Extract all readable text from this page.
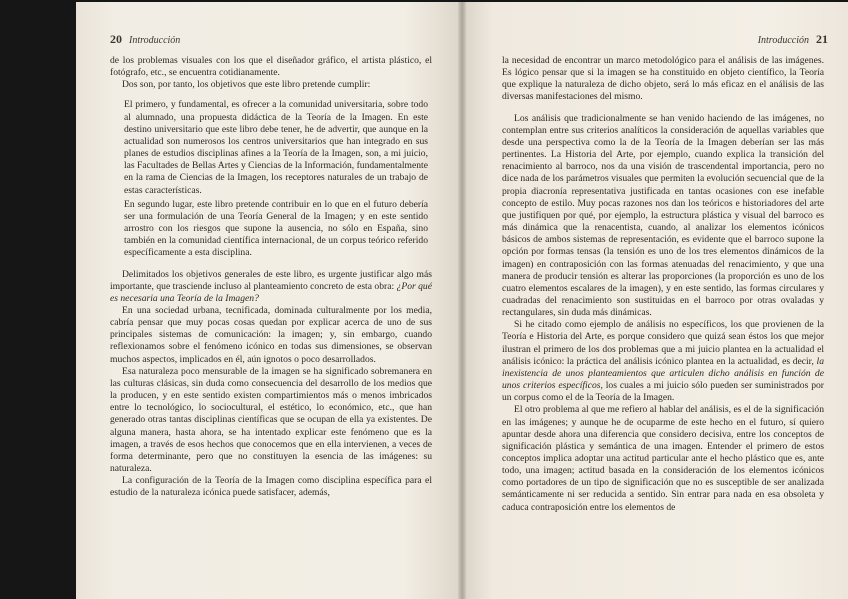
20 Introducción

de los problemas visuales con los que el diseñador gráfico, el artista plástico, el fotógrafo, etc., se encuentra cotidianamente.

Dos son, por tanto, los objetivos que este libro pretende cumplir:

El primero, y fundamental, es ofrecer a la comunidad universitaria, sobre todo al alumnado, una propuesta didáctica de la Teoría de la Imagen. En este destino universitario que este libro debe tener, he de advertir, que aunque en la actualidad son numerosos los centros universitarios que han integrado en sus planes de estudios disciplinas afines a la Teoría de la Imagen, son, a mi juicio, las Facultades de Bellas Artes y Ciencias de la Información, fundamentalmente en la rama de Ciencias de la Imagen, los receptores naturales de un trabajo de estas características.

En segundo lugar, este libro pretende contribuir en lo que en el futuro debería ser una formulación de una Teoría General de la Imagen; y en este sentido arrostro con los riesgos que supone la ausencia, no sólo en España, sino también en la comunidad científica internacional, de un corpus teórico referido específicamente a esta disciplina.

Delimitados los objetivos generales de este libro, es urgente justificar algo más importante, que trasciende incluso al planteamiento concreto de esta obra: ¿Por qué es necesaria una Teoría de la Imagen?

En una sociedad urbana, tecnificada, dominada culturalmente por los media, cabría pensar que muy pocas cosas quedan por explicar acerca de uno de sus principales sistemas de comunicación: la imagen; y, sin embargo, cuando reflexionamos sobre el fenómeno icónico en todas sus dimensiones, se observan muchos aspectos, implicados en él, aún ignotos o poco desarrollados.

Esa naturaleza poco mensurable de la imagen se ha significado sobremanera en las culturas clásicas, sin duda como consecuencia del desarrollo de los medios que la producen, y en este sentido existen compartimientos más o menos imbricados entre lo tecnológico, lo sociocultural, el estético, lo económico, etc., que han generado otras tantas disciplinas científicas que se ocupan de ella ya existentes. De alguna manera, hasta ahora, se ha intentado explicar este fenómeno que es la imagen, a través de esos hechos que conocemos que en ella intervienen, a veces de forma determinante, pero que no constituyen la esencia de las imágenes: su naturaleza.

La configuración de la Teoría de la Imagen como disciplina específica para el estudio de la naturaleza icónica puede satisfacer, además,

Introducción 21

la necesidad de encontrar un marco metodológico para el análisis de las imágenes. Es lógico pensar que si la imagen se ha constituido en objeto científico, la Teoría que explique la naturaleza de dicho objeto, será lo más eficaz en el análisis de las diversas manifestaciones del mismo.

Los análisis que tradicionalmente se han venido haciendo de las imágenes, no contemplan entre sus criterios analíticos la consideración de aquellas variables que desde una perspectiva como la de la Teoría de la Imagen deberían ser las más pertinentes. La Historia del Arte, por ejemplo, cuando explica la transición del renacimiento al barroco, nos da una visión de trascendental importancia, pero no dice nada de los parámetros visuales que permiten la evolución secuencial que de la propia diacronía representativa justificada en tantas ocasiones con ese inefable concepto de estilo. Muy pocas razones nos dan los teóricos e historiadores del arte que justifiquen por qué, por ejemplo, la estructura plástica y visual del barroco es más dinámica que la renacentista, cuando, al analizar los elementos icónicos básicos de ambos sistemas de representación, es evidente que el barroco supone la opción por formas tensas (la tensión es uno de los tres elementos dinámicos de la imagen) en contraposición con las formas atenuadas del renacimiento, y que una manera de producir tensión es alterar las proporciones (la proporción es uno de los cuatro elementos escalares de la imagen), y en este sentido, las formas circulares y cuadradas del renacimiento son sustituidas en el barroco por otras ovaladas y rectangulares, sin duda más dinámicas.

Si he citado como ejemplo de análisis no específicos, los que provienen de la Teoría e Historia del Arte, es porque considero que quizá sean éstos los que mejor ilustran el primero de los dos problemas que a mi juicio plantea en la actualidad el análisis icónico: la práctica del análisis icónico plantea en la actualidad, es decir, la inexistencia de unos planteamientos que articulen dicho análisis en función de unos criterios específicos, los cuales a mi juicio sólo pueden ser suministrados por un corpus como el de la Teoría de la Imagen.

El otro problema al que me refiero al hablar del análisis, es el de la significación en las imágenes; y aunque he de ocuparme de este hecho en el futuro, sí quiero apuntar desde ahora una diferencia que considero decisiva, entre los conceptos de significación plástica y semántica de una imagen. Entender el primero de estos conceptos implica adoptar una actitud particular ante el hecho plástico que es, ante todo, una imagen; actitud basada en la consideración de los elementos icónicos como portadores de un tipo de significación que no es susceptible de ser analizada semánticamente ni ser reducida a sentido. Sin entrar para nada en esa obsoleta y caduca contraposición entre los elementos de
